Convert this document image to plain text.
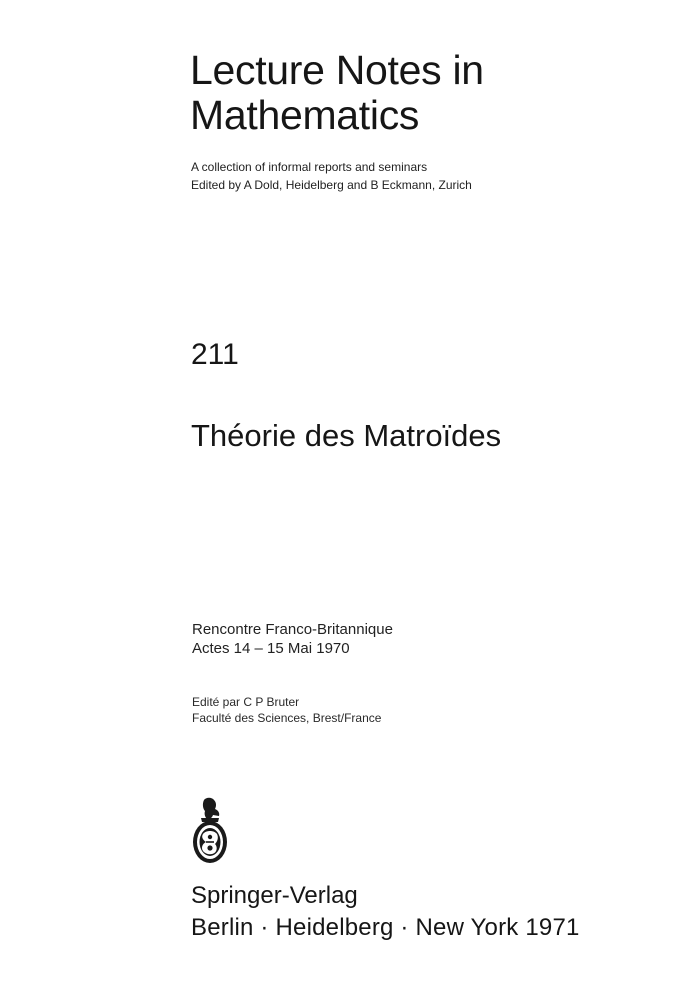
Lecture Notes in
Mathematics
A collection of informal reports and seminars
Edited by A Dold, Heidelberg and B Eckmann, Zurich
211
Théorie des Matroïdes
Rencontre Franco-Britannique
Actes 14 – 15 Mai 1970
Edité par C P Bruter
Faculté des Sciences, Brest/France
Springer-Verlag
Berlin · Heidelberg · New York 1971
